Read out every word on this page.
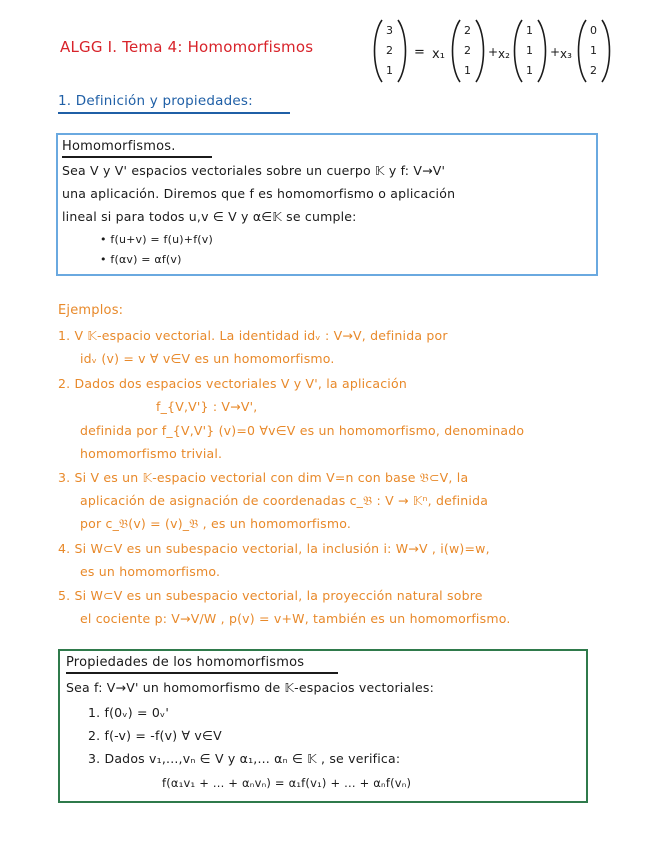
ALGG I. Tema 4: Homomorfismos
3
2
1
= x₁
2
2
1
+ x₂
1
1
1
+ x₃
0
1
2
1. Definición y propiedades:
Homomorfismos.
Sea V y V' espacios vectoriales sobre un cuerpo 𝕂 y f: V→V'
una aplicación. Diremos que f es homomorfismo o aplicación
lineal si para todos u,v ∈ V y α∈𝕂 se cumple:
• f(u+v) = f(u)+f(v)
• f(αv) = αf(v)
Ejemplos:
1. V 𝕂-espacio vectorial. La identidad idᵥ : V→V, definida por
idᵥ (v) = v ∀ v∈V es un homomorfismo.
2. Dados dos espacios vectoriales V y V', la aplicación
f_{V,V'} : V→V',
definida por f_{V,V'} (v)=0 ∀v∈V es un homomorfismo, denominado
homomorfismo trivial.
3. Si V es un 𝕂-espacio vectorial con dim V=n con base 𝔅⊂V, la
aplicación de asignación de coordenadas c_𝔅 : V → 𝕂ⁿ, definida
por c_𝔅(v) = (v)_𝔅 , es un homomorfismo.
4. Si W⊂V es un subespacio vectorial, la inclusión i: W→V , i(w)=w,
es un homomorfismo.
5. Si W⊂V es un subespacio vectorial, la proyección natural sobre
el cociente p: V→V/W , p(v) = v+W, también es un homomorfismo.
Propiedades de los homomorfismos
Sea f: V→V' un homomorfismo de 𝕂-espacios vectoriales:
1. f(0ᵥ) = 0ᵥ'
2. f(-v) = -f(v) ∀ v∈V
3. Dados v₁,...,vₙ ∈ V y α₁,... αₙ ∈ 𝕂 , se verifica:
f(α₁v₁ + ... + αₙvₙ) = α₁f(v₁) + ... + αₙf(vₙ)
